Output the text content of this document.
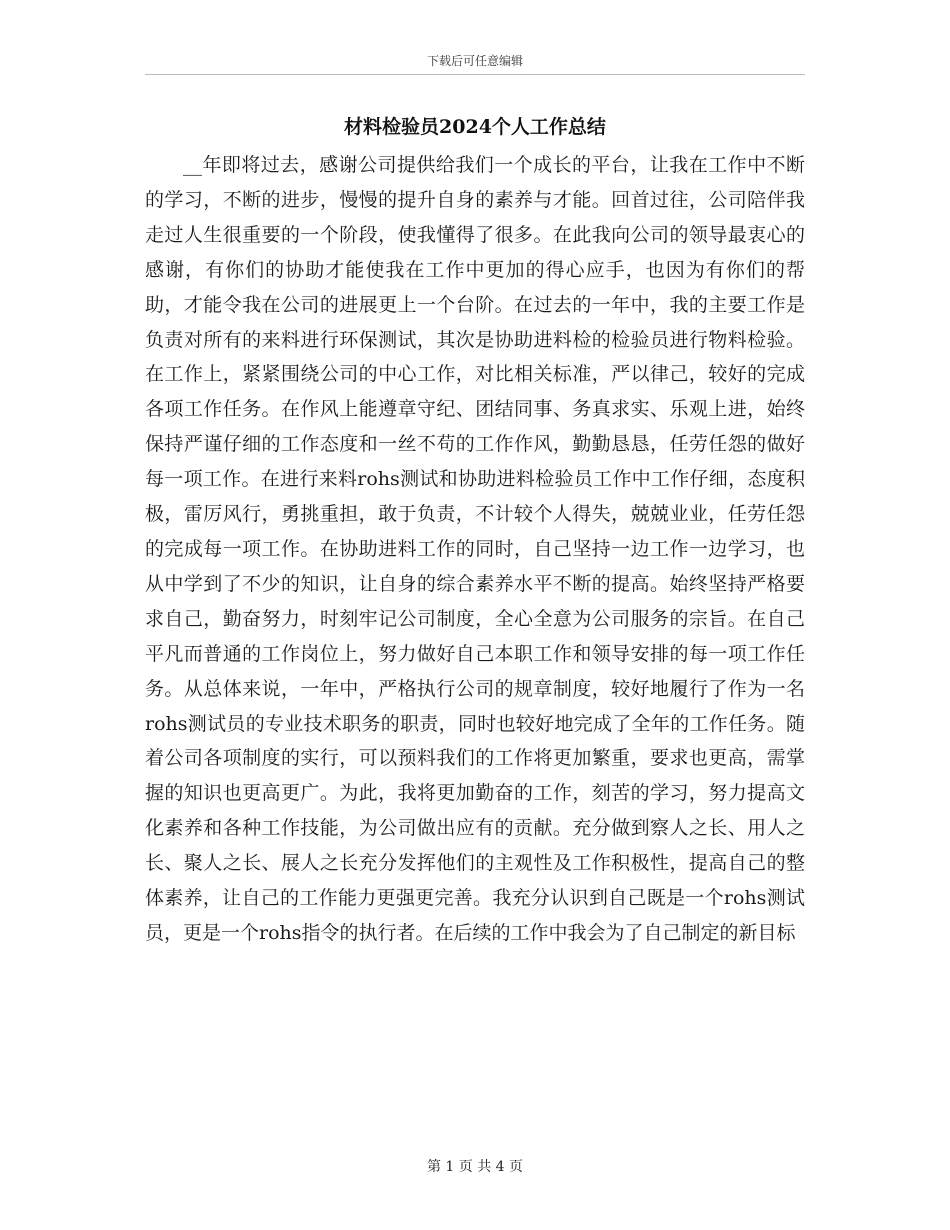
下载后可任意编辑
材料检验员2024个人工作总结

__年即将过去，感谢公司提供给我们一个成长的平台，让我在工作中不断的学习，不断的进步，慢慢的提升自身的素养与才能。回首过往，公司陪伴我走过人生很重要的一个阶段，使我懂得了很多。在此我向公司的领导最衷心的感谢，有你们的协助才能使我在工作中更加的得心应手，也因为有你们的帮助，才能令我在公司的进展更上一个台阶。在过去的一年中，我的主要工作是负责对所有的来料进行环保测试，其次是协助进料检的检验员进行物料检验。在工作上，紧紧围绕公司的中心工作，对比相关标准，严以律己，较好的完成各项工作任务。在作风上能遵章守纪、团结同事、务真求实、乐观上进，始终保持严谨仔细的工作态度和一丝不苟的工作作风，勤勤恳恳，任劳任怨的做好每一项工作。在进行来料rohs测试和协助进料检验员工作中工作仔细，态度积极，雷厉风行，勇挑重担，敢于负责，不计较个人得失，兢兢业业，任劳任怨的完成每一项工作。在协助进料工作的同时，自己坚持一边工作一边学习，也从中学到了不少的知识，让自身的综合素养水平不断的提高。始终坚持严格要求自己，勤奋努力，时刻牢记公司制度，全心全意为公司服务的宗旨。在自己平凡而普通的工作岗位上，努力做好自己本职工作和领导安排的每一项工作任务。从总体来说，一年中，严格执行公司的规章制度，较好地履行了作为一名rohs测试员的专业技术职务的职责，同时也较好地完成了全年的工作任务。随着公司各项制度的实行，可以预料我们的工作将更加繁重，要求也更高，需掌握的知识也更高更广。为此，我将更加勤奋的工作，刻苦的学习，努力提高文化素养和各种工作技能，为公司做出应有的贡献。充分做到察人之长、用人之长、聚人之长、展人之长充分发挥他们的主观性及工作积极性，提高自己的整体素养，让自己的工作能力更强更完善。我充分认识到自己既是一个rohs测试员，更是一个rohs指令的执行者。在后续的工作中我会为了自己制定的新目标

第 1 页 共 4 页
